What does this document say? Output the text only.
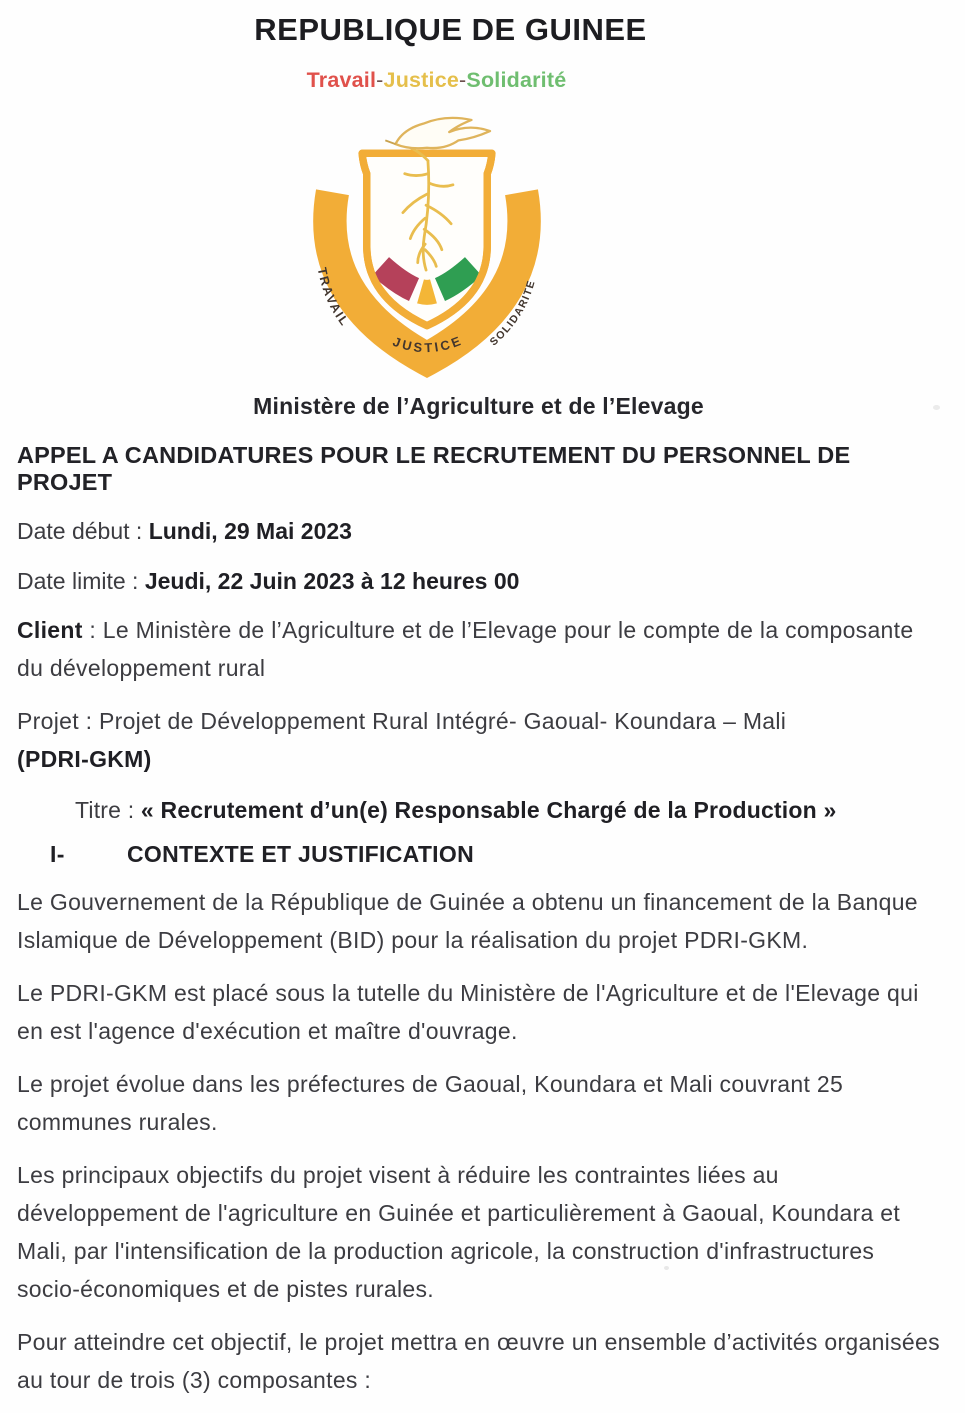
REPUBLIQUE DE GUINEE
Travail-Justice-Solidarité
TRAVAIL
JUSTICE SOLIDARITE
Ministère de l’Agriculture et de l’Elevage
APPEL A CANDIDATURES POUR LE RECRUTEMENT DU PERSONNEL DE PROJET

Date début : Lundi, 29 Mai 2023

Date limite : Jeudi, 22 Juin 2023 à 12 heures 00

Client : Le Ministère de l’Agriculture et de l’Elevage pour le compte de la composante du développement rural

Projet : Projet de Développement Rural Intégré- Gaoual- Koundara – Mali
(PDRI-GKM)

Titre : « Recrutement d’un(e) Responsable Chargé de la Production »

I-	CONTEXTE ET JUSTIFICATION

Le Gouvernement de la République de Guinée a obtenu un financement de la Banque Islamique de Développement (BID) pour la réalisation du projet PDRI-GKM.

Le PDRI-GKM est placé sous la tutelle du Ministère de l'Agriculture et de l'Elevage qui en est l'agence d'exécution et maître d'ouvrage.

Le projet évolue dans les préfectures de Gaoual, Koundara et Mali couvrant 25 communes rurales.

Les principaux objectifs du projet visent à réduire les contraintes liées au développement de l'agriculture en Guinée et particulièrement à Gaoual, Koundara et Mali, par l'intensification de la production agricole, la construction d'infrastructures socio-économiques et de pistes rurales.

Pour atteindre cet objectif, le projet mettra en œuvre un ensemble d’activités organisées au tour de trois (3) composantes :
